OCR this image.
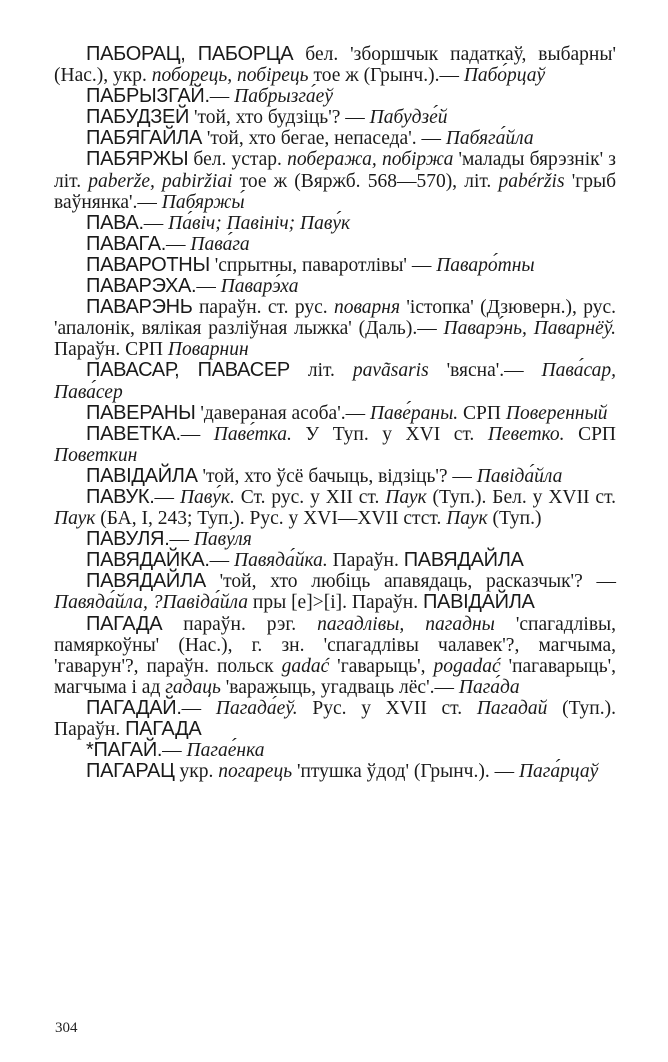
ПАБОРАЦ, ПАБОРЦА бел. 'зборшчык падаткаў, выбарны' (Нас.), укр. поборець, побірець тое ж (Грынч.).— Пабо́рцаў

ПАБРЫЗГАЙ.— Пабрызга́еў

ПАБУДЗЕЙ 'той, хто будзіць'? — Пабудзе́й

ПАБЯГАЙЛА 'той, хто бегае, непаседа'. — Пабяга́йла

ПАБЯРЖЫ бел. устар. побеража, побіржа 'малады бярэзнік' з літ. paberže, pabiržiai тое ж (Вяржб. 568—570), літ. pabéržis 'грыб ваўнянка'.— Пабяржы́

ПАВА.— Па́віч; Павініч; Паву́к

ПАВАГА.— Пава́га

ПАВАРОТНЫ 'спрытны, паваротлівы' — Паваро́тны

ПАВАРЭХА.— Паварэ́ха

ПАВАРЭНЬ параўн. ст. рус. поварня 'істопка' (Дзюверн.), рус. 'апалонік, вялікая разліўная лыжка' (Даль).— Паварэ́нь, Паварнёў. Параўн. СРП Поварнин

ПАВАСАР, ПАВАСЕР літ. pavãsaris 'вясна'.— Пава́сар, Пава́сер

ПАВЕРАНЫ 'давераная асоба'.— Паве́раны. СРП Поверенный

ПАВЕТКА.— Паве́тка. У Туп. у XVI ст. Певетко. СРП Поветкин

ПАВІДАЙЛА 'той, хто ўсё бачыць, відзіць'? — Павіда́йла

ПАВУК.— Паву́к. Ст. рус. у XII ст. Паук (Туп.). Бел. у XVII ст. Паук (БА, I, 243; Туп.). Рус. у XVI—XVII стст. Паук (Туп.)

ПАВУЛЯ.— Паву́ля

ПАВЯДАЙКА.— Павяда́йка. Параўн. ПАВЯДАЙЛА

ПАВЯДАЙЛА 'той, хто любіць апавядаць, расказчык'? — Павяда́йла, ?Павіда́йла пры [e]>[i]. Параўн. ПАВІДАЙЛА

ПАГАДА параўн. рэг. пагадлівы, пагадны 'спагадлівы, памяркоўны' (Нас.), г. зн. 'спагадлівы чалавек'?, магчыма, 'гаварун'?, параўн. польск gadać 'гаварыць', pogadać 'пагаварыць', магчыма і ад гадаць 'варажыць, угадваць лёс'.— Пага́да

ПАГАДАЙ.— Пагада́еў. Рус. у XVII ст. Пагадай (Туп.). Параўн. ПАГАДА

*ПАГАЙ.— Пагае́нка

ПАГАРАЦ укр. погарець 'птушка ўдод' (Грынч.). — Пага́рцаў

304
